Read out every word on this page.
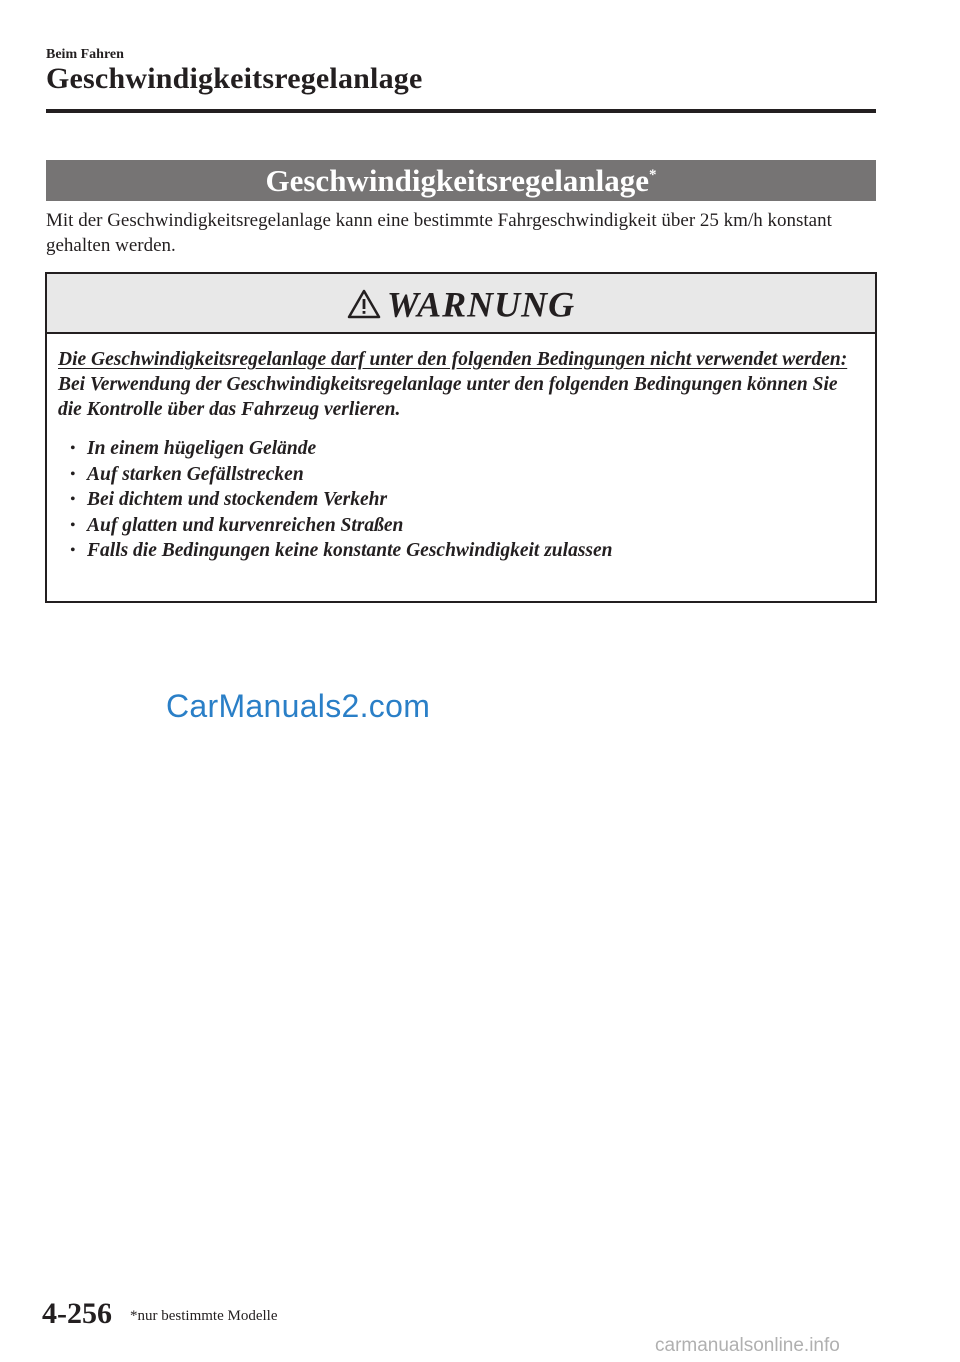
Beim Fahren
Geschwindigkeitsregelanlage
Geschwindigkeitsregelanlage*
Mit der Geschwindigkeitsregelanlage kann eine bestimmte Fahrgeschwindigkeit über 25 km/h konstant gehalten werden.
WARNUNG
Die Geschwindigkeitsregelanlage darf unter den folgenden Bedingungen nicht verwendet werden:
Bei Verwendung der Geschwindigkeitsregelanlage unter den folgenden Bedingungen können Sie die Kontrolle über das Fahrzeug verlieren.
• In einem hügeligen Gelände
• Auf starken Gefällstrecken
• Bei dichtem und stockendem Verkehr
• Auf glatten und kurvenreichen Straßen
• Falls die Bedingungen keine konstante Geschwindigkeit zulassen
CarManuals2.com
4-256 *nur bestimmte Modelle
carmanualsonline.info
